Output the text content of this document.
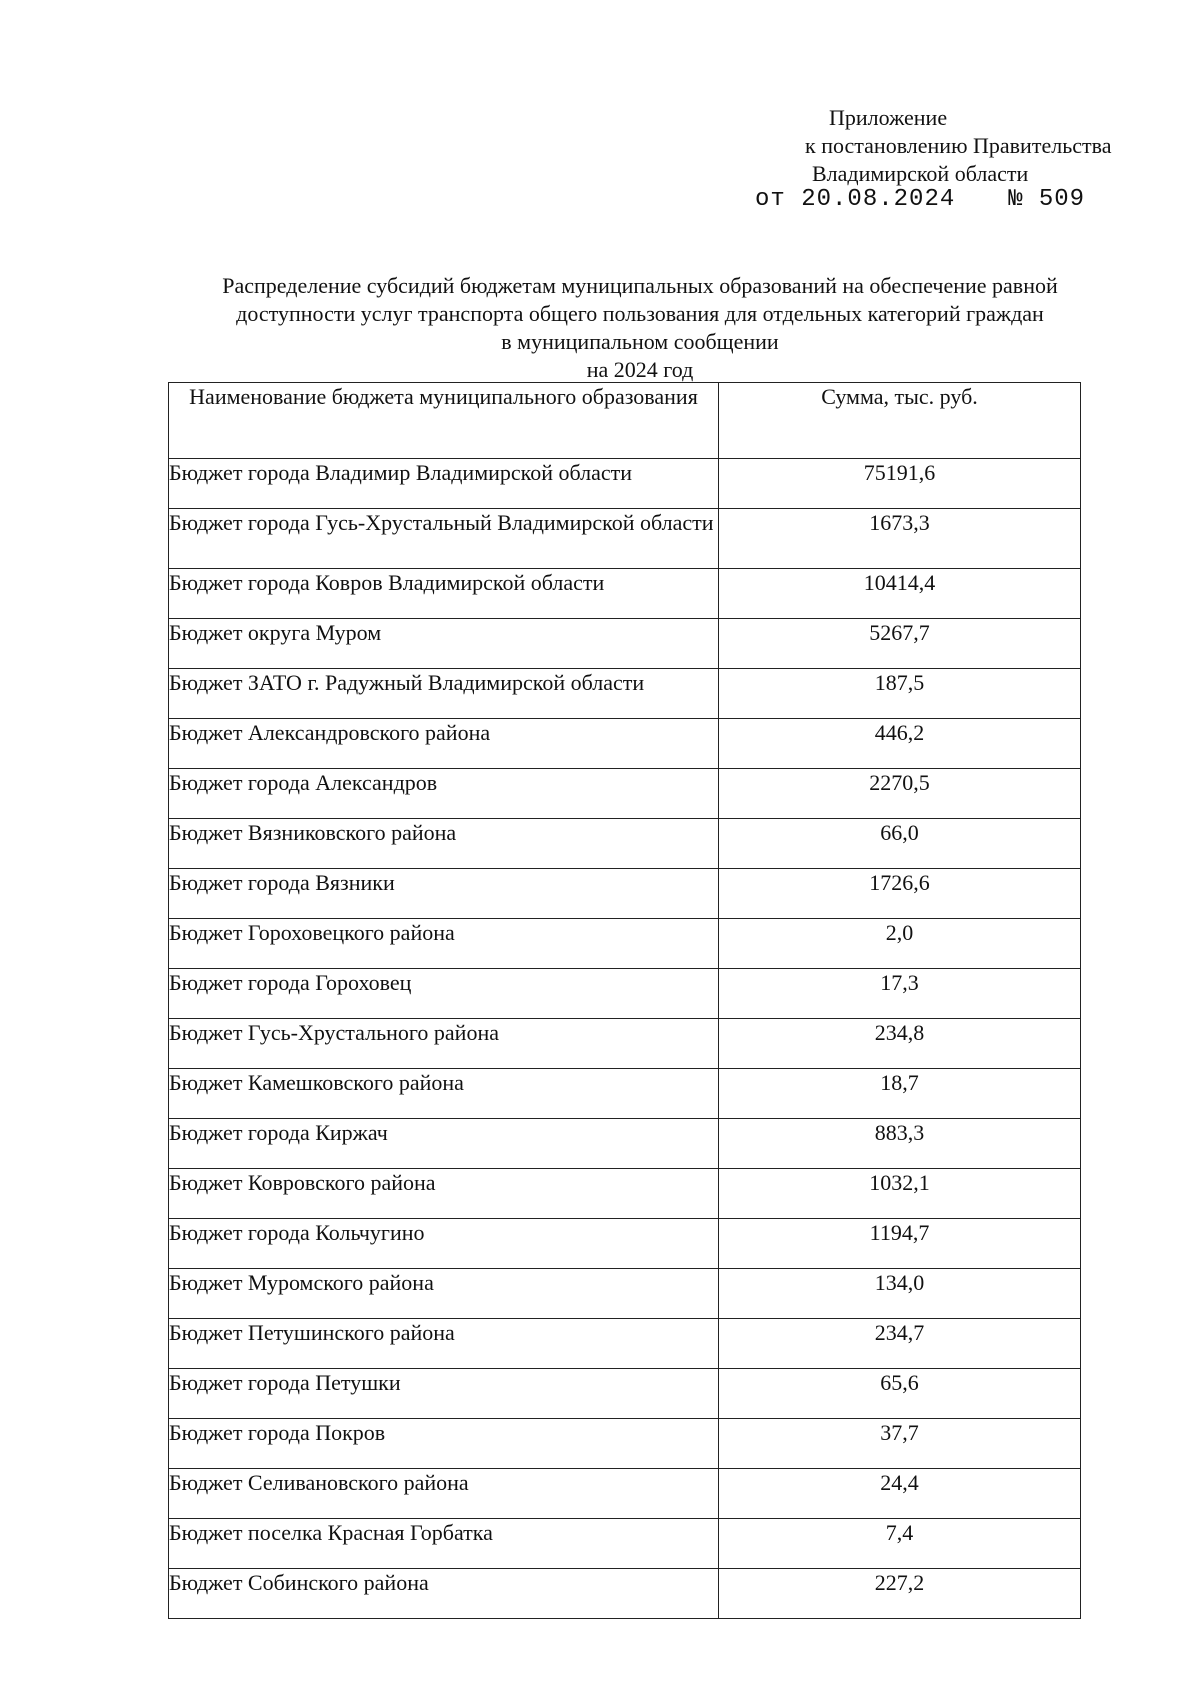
Приложение
к постановлению Правительства
Владимирской области
от 20.08.2024 № 509
Распределение субсидий бюджетам муниципальных образований на обеспечение равной
доступности услуг транспорта общего пользования для отдельных категорий граждан
в муниципальном сообщении
на 2024 год
Наименование бюджета муниципального образования	Сумма, тыс. руб.
Бюджет города Владимир Владимирской области	75191,6
Бюджет города Гусь-Хрустальный Владимирской области	1673,3
Бюджет города Ковров Владимирской области	10414,4
Бюджет округа Муром	5267,7
Бюджет ЗАТО г. Радужный Владимирской области	187,5
Бюджет Александровского района	446,2
Бюджет города Александров	2270,5
Бюджет Вязниковского района	66,0
Бюджет города Вязники	1726,6
Бюджет Гороховецкого района	2,0
Бюджет города Гороховец	17,3
Бюджет Гусь-Хрустального района	234,8
Бюджет Камешковского района	18,7
Бюджет города Киржач	883,3
Бюджет Ковровского района	1032,1
Бюджет города Кольчугино	1194,7
Бюджет Муромского района	134,0
Бюджет Петушинского района	234,7
Бюджет города Петушки	65,6
Бюджет города Покров	37,7
Бюджет Селивановского района	24,4
Бюджет поселка Красная Горбатка	7,4
Бюджет Собинского района	227,2
